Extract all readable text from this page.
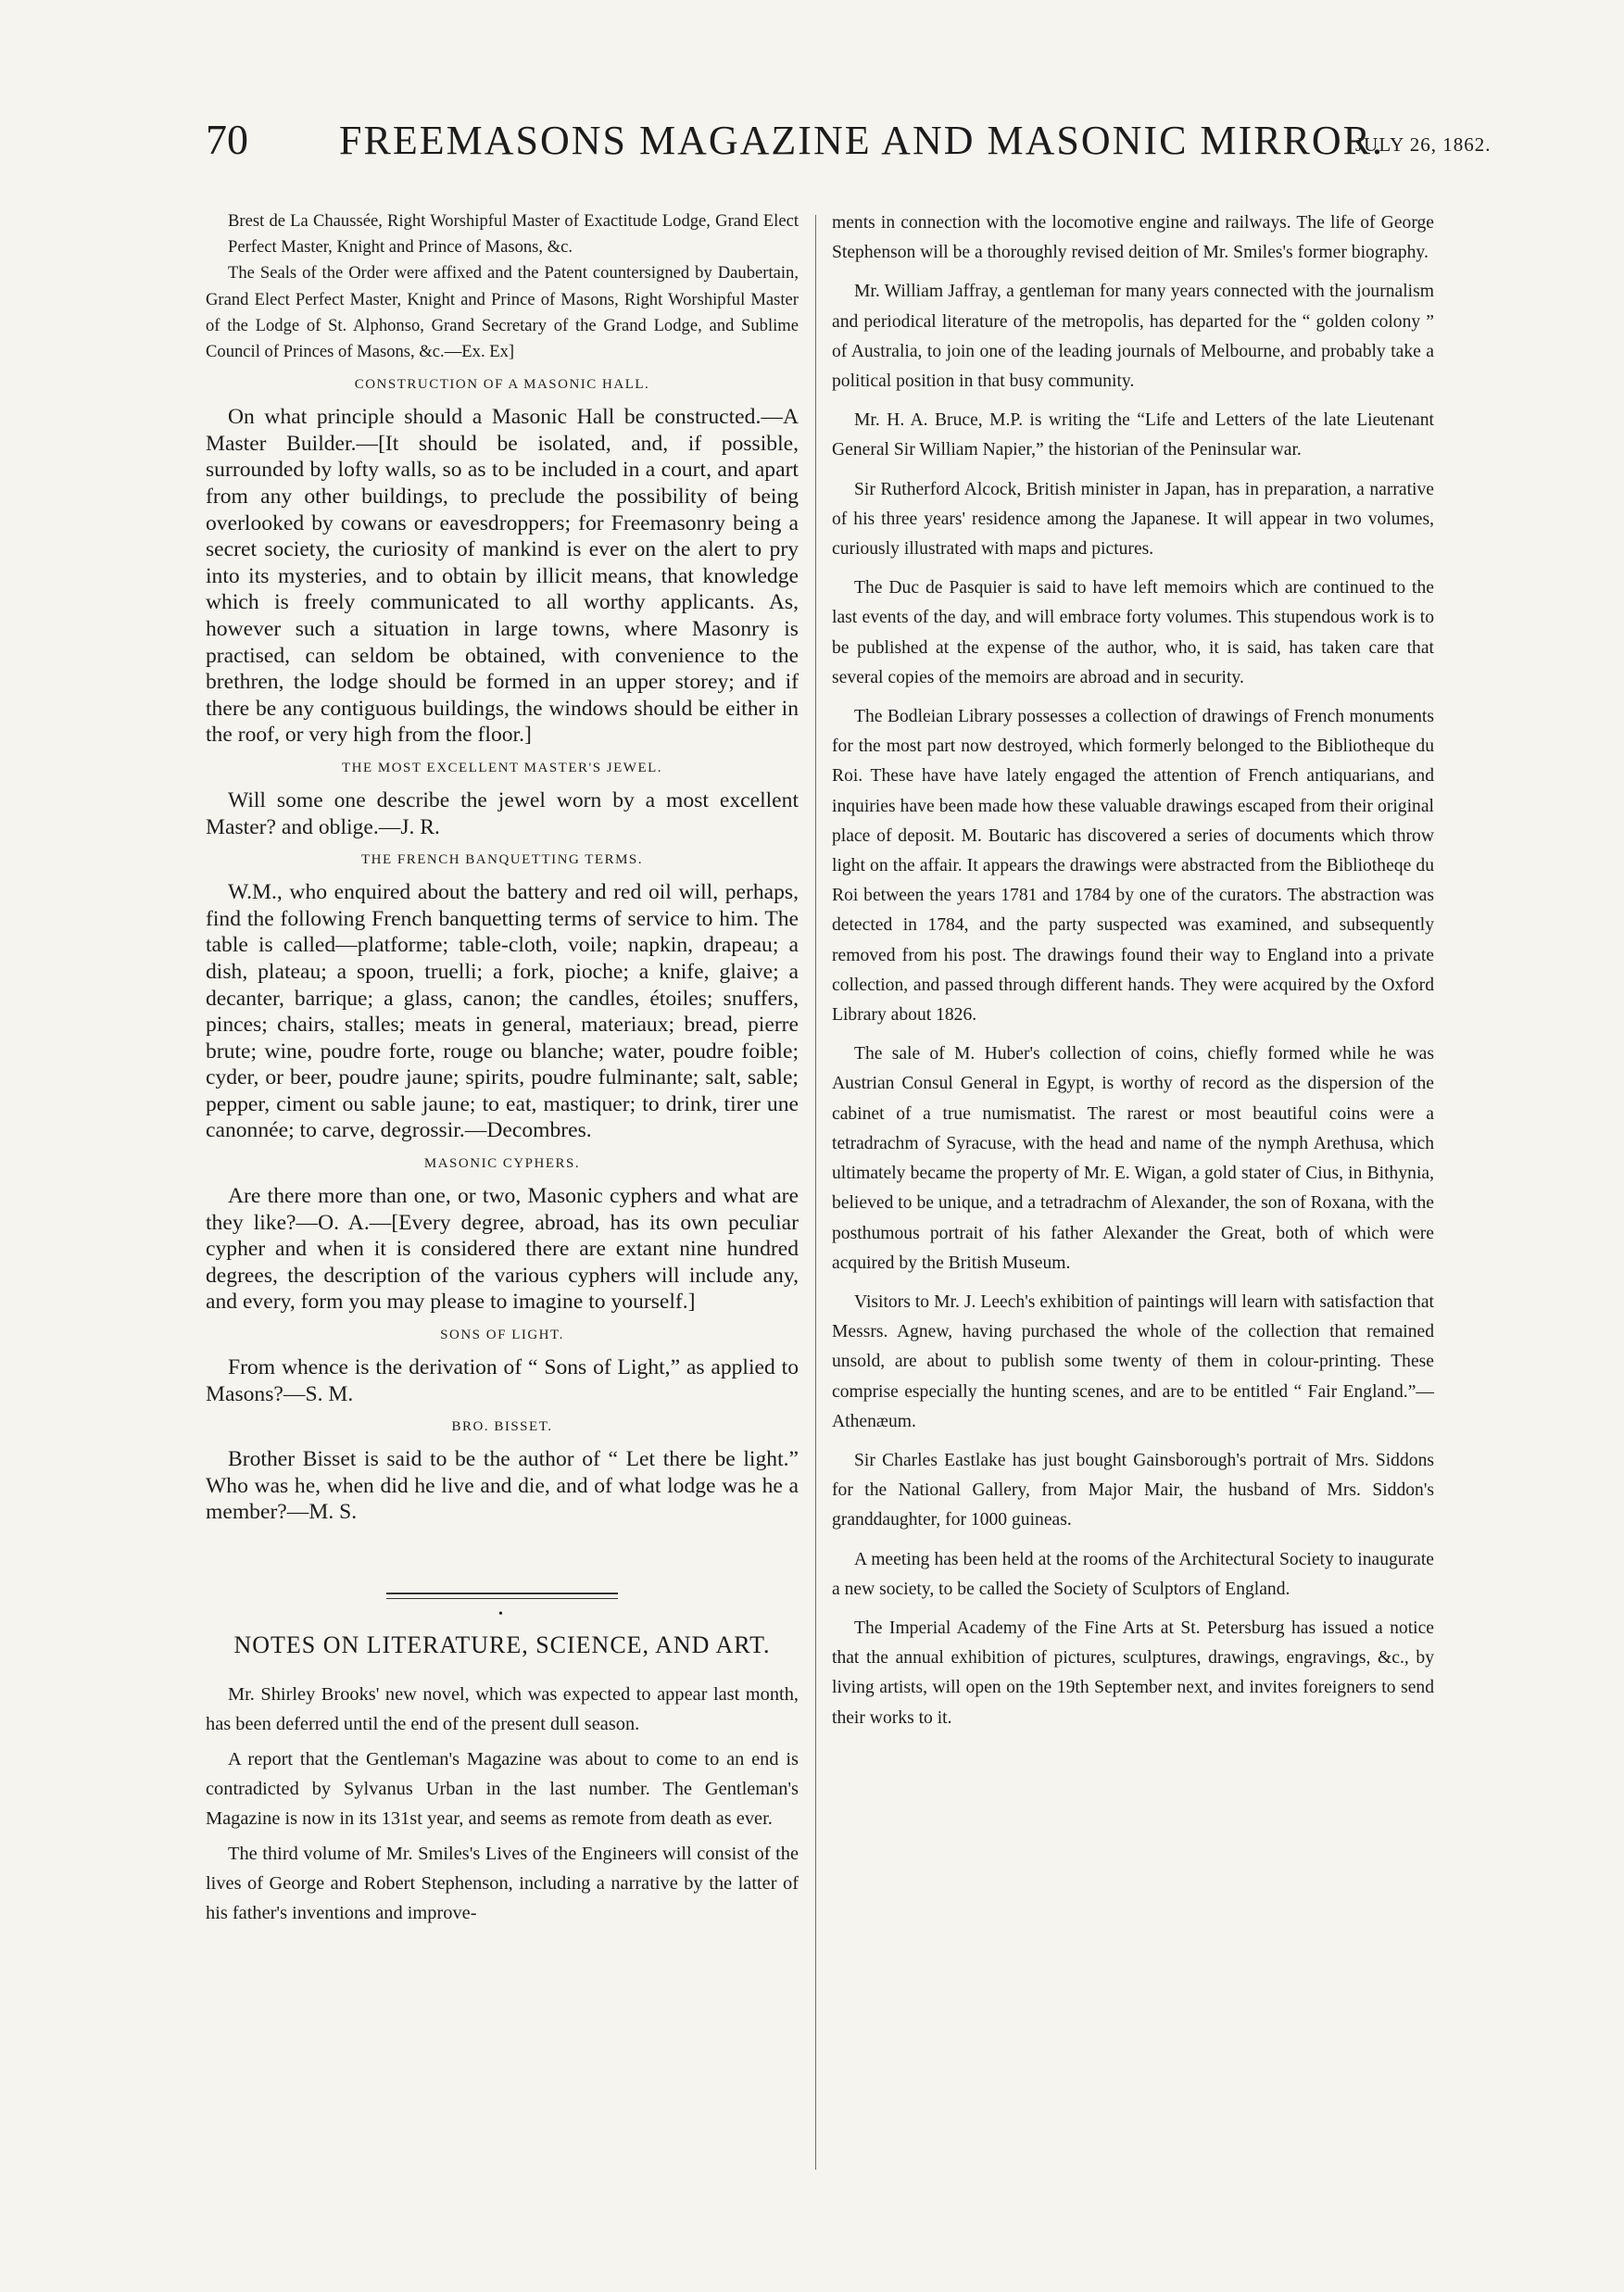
70 FREEMASONS MAGAZINE AND MASONIC MIRROR.
JULY 26, 1862.

Brest de La Chaussée, Right Worshipful Master of Exactitude Lodge, Grand Elect Perfect Master, Knight and Prince of Masons, &c.

The Seals of the Order were affixed and the Patent countersigned by Daubertain, Grand Elect Perfect Master, Knight and Prince of Masons, Right Worshipful Master of the Lodge of St. Alphonso, Grand Secretary of the Grand Lodge, and Sublime Council of Princes of Masons, &c.—Ex. Ex]

CONSTRUCTION OF A MASONIC HALL.

On what principle should a Masonic Hall be constructed.—A Master Builder.—[It should be isolated, and, if possible, surrounded by lofty walls, so as to be included in a court, and apart from any other buildings, to preclude the possibility of being overlooked by cowans or eavesdroppers; for Freemasonry being a secret society, the curiosity of mankind is ever on the alert to pry into its mysteries, and to obtain by illicit means, that knowledge which is freely communicated to all worthy applicants. As, however such a situation in large towns, where Masonry is practised, can seldom be obtained, with convenience to the brethren, the lodge should be formed in an upper storey; and if there be any contiguous buildings, the windows should be either in the roof, or very high from the floor.]

THE MOST EXCELLENT MASTER'S JEWEL.

Will some one describe the jewel worn by a most excellent Master? and oblige.—J. R.

THE FRENCH BANQUETTING TERMS.

W.M., who enquired about the battery and red oil will, perhaps, find the following French banquetting terms of service to him. The table is called—platforme; table-cloth, voile; napkin, drapeau; a dish, plateau; a spoon, truelli; a fork, pioche; a knife, glaive; a decanter, barrique; a glass, canon; the candles, étoiles; snuffers, pinces; chairs, stalles; meats in general, materiaux; bread, pierre brute; wine, poudre forte, rouge ou blanche; water, poudre foible; cyder, or beer, poudre jaune; spirits, poudre fulminante; salt, sable; pepper, ciment ou sable jaune; to eat, mastiquer; to drink, tirer une canonnée; to carve, degrossir.—Decombres.

MASONIC CYPHERS.

Are there more than one, or two, Masonic cyphers and what are they like?—O. A.—[Every degree, abroad, has its own peculiar cypher and when it is considered there are extant nine hundred degrees, the description of the various cyphers will include any, and every, form you may please to imagine to yourself.]

SONS OF LIGHT.

From whence is the derivation of “ Sons of Light,” as applied to Masons?—S. M.

BRO. BISSET.

Brother Bisset is said to be the author of “ Let there be light.” Who was he, when did he live and die, and of what lodge was he a member?—M. S.

•
NOTES ON LITERATURE, SCIENCE, AND ART.

Mr. Shirley Brooks' new novel, which was expected to appear last month, has been deferred until the end of the present dull season.

A report that the Gentleman's Magazine was about to come to an end is contradicted by Sylvanus Urban in the last number. The Gentleman's Magazine is now in its 131st year, and seems as remote from death as ever.

The third volume of Mr. Smiles's Lives of the Engineers will consist of the lives of George and Robert Stephenson, including a narrative by the latter of his father's inventions and improve-

ments in connection with the locomotive engine and railways. The life of George Stephenson will be a thoroughly revised deition of Mr. Smiles's former biography.

Mr. William Jaffray, a gentleman for many years connected with the journalism and periodical literature of the metropolis, has departed for the “ golden colony ” of Australia, to join one of the leading journals of Melbourne, and probably take a political position in that busy community.

Mr. H. A. Bruce, M.P. is writing the “Life and Letters of the late Lieutenant General Sir William Napier,” the historian of the Peninsular war.

Sir Rutherford Alcock, British minister in Japan, has in preparation, a narrative of his three years' residence among the Japanese. It will appear in two volumes, curiously illustrated with maps and pictures.

The Duc de Pasquier is said to have left memoirs which are continued to the last events of the day, and will embrace forty volumes. This stupendous work is to be published at the expense of the author, who, it is said, has taken care that several copies of the memoirs are abroad and in security.

The Bodleian Library possesses a collection of drawings of French monuments for the most part now destroyed, which formerly belonged to the Bibliotheque du Roi. These have have lately engaged the attention of French antiquarians, and inquiries have been made how these valuable drawings escaped from their original place of deposit. M. Boutaric has discovered a series of documents which throw light on the affair. It appears the drawings were abstracted from the Bibliotheqe du Roi between the years 1781 and 1784 by one of the curators. The abstraction was detected in 1784, and the party suspected was examined, and subsequently removed from his post. The drawings found their way to England into a private collection, and passed through different hands. They were acquired by the Oxford Library about 1826.

The sale of M. Huber's collection of coins, chiefly formed while he was Austrian Consul General in Egypt, is worthy of record as the dispersion of the cabinet of a true numismatist. The rarest or most beautiful coins were a tetradrachm of Syracuse, with the head and name of the nymph Arethusa, which ultimately became the property of Mr. E. Wigan, a gold stater of Cius, in Bithynia, believed to be unique, and a tetradrachm of Alexander, the son of Roxana, with the posthumous portrait of his father Alexander the Great, both of which were acquired by the British Museum.

Visitors to Mr. J. Leech's exhibition of paintings will learn with satisfaction that Messrs. Agnew, having purchased the whole of the collection that remained unsold, are about to publish some twenty of them in colour-printing. These comprise especially the hunting scenes, and are to be entitled “ Fair England.”—Athenæum.

Sir Charles Eastlake has just bought Gainsborough's portrait of Mrs. Siddons for the National Gallery, from Major Mair, the husband of Mrs. Siddon's granddaughter, for 1000 guineas.

A meeting has been held at the rooms of the Architectural Society to inaugurate a new society, to be called the Society of Sculptors of England.

The Imperial Academy of the Fine Arts at St. Petersburg has issued a notice that the annual exhibition of pictures, sculptures, drawings, engravings, &c., by living artists, will open on the 19th September next, and invites foreigners to send their works to it.
